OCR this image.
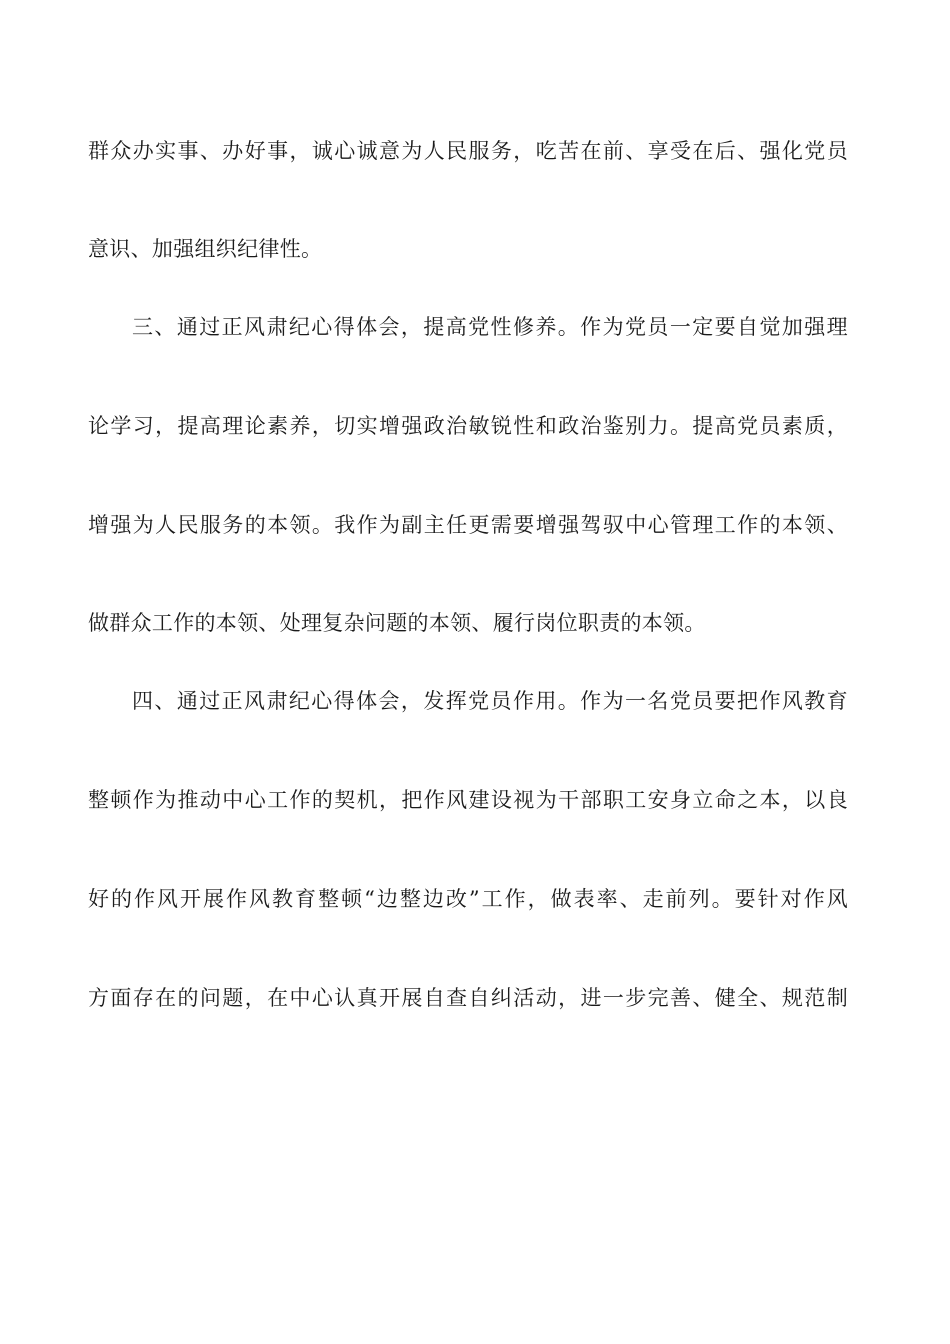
群众办实事、办好事，诚心诚意为人民服务，吃苦在前、享受在后、强化党员
意识、加强组织纪律性。
三、通过正风肃纪心得体会，提高党性修养。作为党员一定要自觉加强理
论学习，提高理论素养，切实增强政治敏锐性和政治鉴别力。提高党员素质，
增强为人民服务的本领。我作为副主任更需要增强驾驭中心管理工作的本领、
做群众工作的本领、处理复杂问题的本领、履行岗位职责的本领。
四、通过正风肃纪心得体会，发挥党员作用。作为一名党员要把作风教育
整顿作为推动中心工作的契机，把作风建设视为干部职工安身立命之本，以良
好的作风开展作风教育整顿“边整边改”工作，做表率、走前列。要针对作风
方面存在的问题，在中心认真开展自查自纠活动，进一步完善、健全、规范制
